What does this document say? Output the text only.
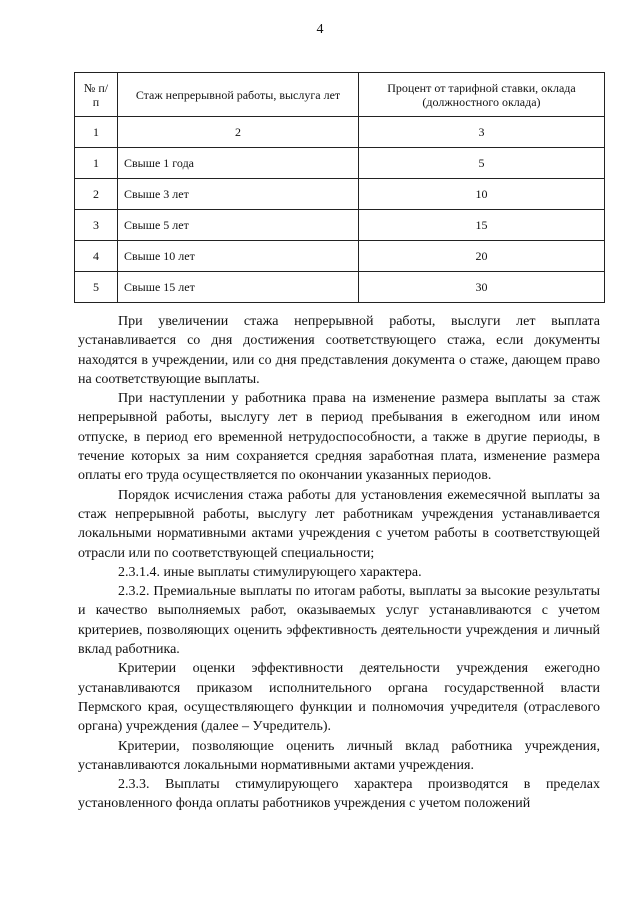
4
№ п/п	Стаж непрерывной работы, выслуга лет	Процент от тарифной ставки, оклада (должностного оклада)
1	2	3
1	Свыше 1 года	5
2	Свыше 3 лет	10
3	Свыше 5 лет	15
4	Свыше 10 лет	20
5	Свыше 15 лет	30

При увеличении стажа непрерывной работы, выслуги лет выплата устанавливается со дня достижения соответствующего стажа, если документы находятся в учреждении, или со дня представления документа о стаже, дающем право на соответствующие выплаты.

При наступлении у работника права на изменение размера выплаты за стаж непрерывной работы, выслугу лет в период пребывания в ежегодном или ином отпуске, в период его временной нетрудоспособности, а также в другие периоды, в течение которых за ним сохраняется средняя заработная плата, изменение размера оплаты его труда осуществляется по окончании указанных периодов.

Порядок исчисления стажа работы для установления ежемесячной выплаты за стаж непрерывной работы, выслугу лет работникам учреждения устанавливается локальными нормативными актами учреждения с учетом работы в соответствующей отрасли или по соответствующей специальности;

2.3.1.4. иные выплаты стимулирующего характера.

2.3.2. Премиальные выплаты по итогам работы, выплаты за высокие результаты и качество выполняемых работ, оказываемых услуг устанавливаются с учетом критериев, позволяющих оценить эффективность деятельности учреждения и личный вклад работника.

Критерии оценки эффективности деятельности учреждения ежегодно устанавливаются приказом исполнительного органа государственной власти Пермского края, осуществляющего функции и полномочия учредителя (отраслевого органа) учреждения (далее – Учредитель).

Критерии, позволяющие оценить личный вклад работника учреждения, устанавливаются локальными нормативными актами учреждения.

2.3.3. Выплаты стимулирующего характера производятся в пределах установленного фонда оплаты работников учреждения с учетом положений
